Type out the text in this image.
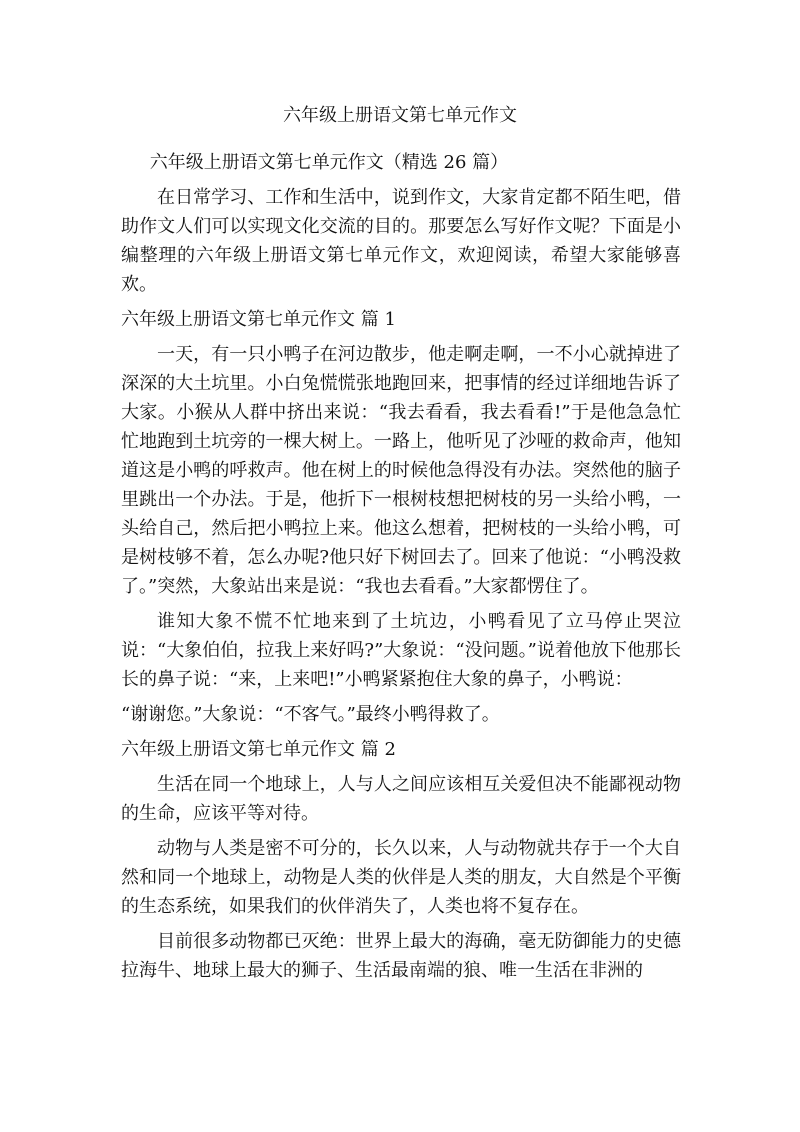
六年级上册语文第七单元作文

六年级上册语文第七单元作文（精选 26 篇）

在日常学习、工作和生活中，说到作文，大家肯定都不陌生吧，借助作文人们可以实现文化交流的目的。那要怎么写好作文呢？下面是小编整理的六年级上册语文第七单元作文，欢迎阅读，希望大家能够喜欢。

六年级上册语文第七单元作文 篇 1

一天，有一只小鸭子在河边散步，他走啊走啊，一不小心就掉进了深深的大土坑里。小白兔慌慌张地跑回来，把事情的经过详细地告诉了大家。小猴从人群中挤出来说：“我去看看，我去看看!”于是他急急忙忙地跑到土坑旁的一棵大树上。一路上，他听见了沙哑的救命声，他知道这是小鸭的呼救声。他在树上的时候他急得没有办法。突然他的脑子里跳出一个办法。于是，他折下一根树枝想把树枝的另一头给小鸭，一头给自己，然后把小鸭拉上来。他这么想着，把树枝的一头给小鸭，可是树枝够不着，怎么办呢?他只好下树回去了。回来了他说：“小鸭没救了。”突然，大象站出来是说：“我也去看看。”大家都愣住了。

谁知大象不慌不忙地来到了土坑边，小鸭看见了立马停止哭泣说：“大象伯伯，拉我上来好吗?”大象说：“没问题。”说着他放下他那长长的鼻子说：“来，上来吧!”小鸭紧紧抱住大象的鼻子，小鸭说：

“谢谢您。”大象说：“不客气。”最终小鸭得救了。

六年级上册语文第七单元作文 篇 2

生活在同一个地球上，人与人之间应该相互关爱但决不能鄙视动物的生命，应该平等对待。

动物与人类是密不可分的，长久以来，人与动物就共存于一个大自然和同一个地球上，动物是人类的伙伴是人类的朋友，大自然是个平衡的生态系统，如果我们的伙伴消失了，人类也将不复存在。

目前很多动物都已灭绝：世界上最大的海确，毫无防御能力的史德拉海牛、地球上最大的狮子、生活最南端的狼、唯一生活在非洲的
